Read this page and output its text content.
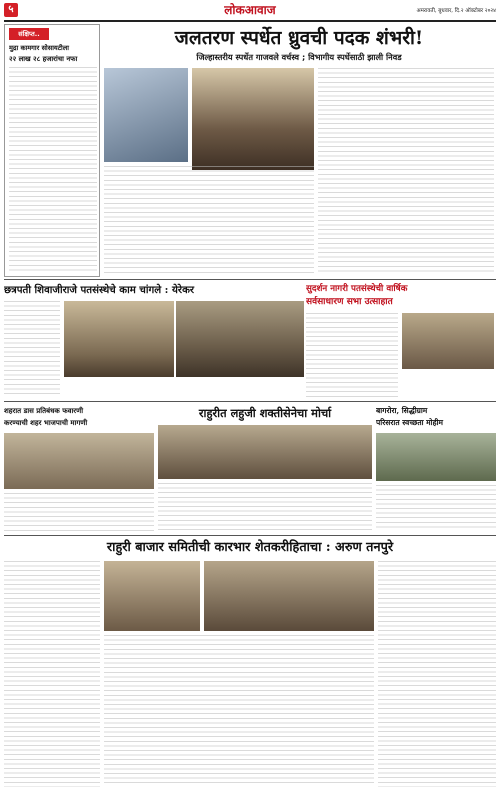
५	लोकआवाज	अमरावती, बुधवार, दि.२ ऑक्टोबर २०२४
संक्षिप्त..
मुद्रा कामगार सोसायटीला
२२ लाख २८ हजारांचा नफा
जलतरण स्पर्धेत ध्रुवची पदक शंभरी!
जिल्हास्तरीय स्पर्धेत गाजवले वर्चस्व ; विभागीय स्पर्धेसाठी झाली निवड
छत्रपती शिवाजीराजे पतसंस्थेचे काम चांगले : येरेकर	सुदर्शन नागरी पतसंस्थेची वार्षिक
सर्वसाधारण सभा उत्साहात
शहरात डास प्रतिबंधक फवारणी
करण्याची शहर भाजपाची मागणी
राहुरीत लहुजी शक्तीसेनेचा मोर्चा	बागरोरा, सिद्धीग्राम
परिसरात स्वच्छता मोहीम
राहुरी बाजार समितीची कारभार शेतकरीहिताचा : अरुण तनपुरे
